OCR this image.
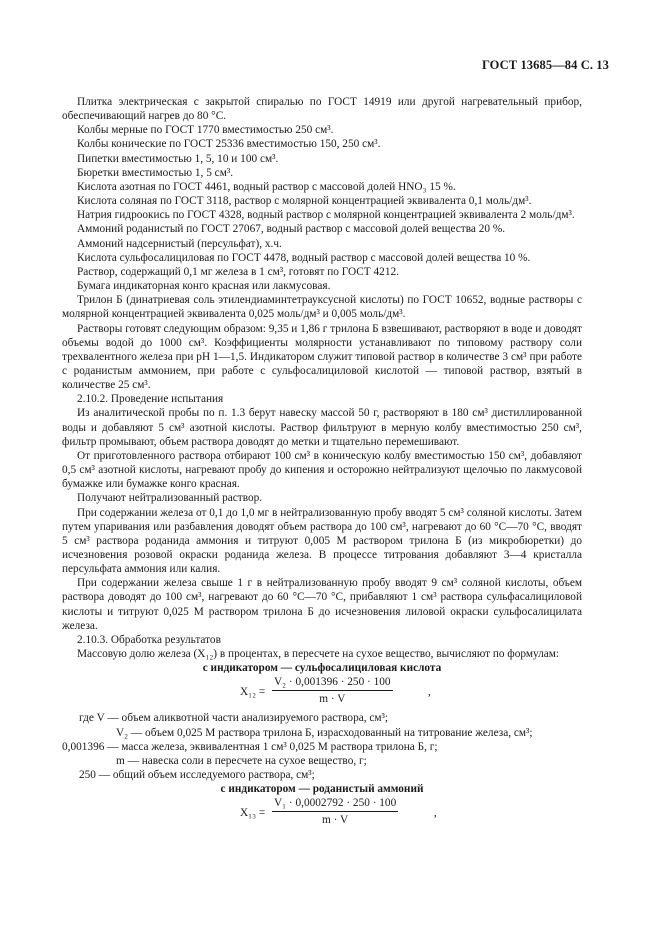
ГОСТ 13685—84 С. 13

Плитка электрическая с закрытой спиралью по ГОСТ 14919 или другой нагревательный прибор, обеспечивающий нагрев до 80 °С.

Колбы мерные по ГОСТ 1770 вместимостью 250 см³.

Колбы конические по ГОСТ 25336 вместимостью 150, 250 см³.

Пипетки вместимостью 1, 5, 10 и 100 см³.

Бюретки вместимостью 1, 5 см³.

Кислота азотная по ГОСТ 4461, водный раствор с массовой долей HNO₃ 15 %.

Кислота соляная по ГОСТ 3118, раствор с молярной концентрацией эквивалента 0,1 моль/дм³.

Натрия гидроокись по ГОСТ 4328, водный раствор с молярной концентрацией эквивалента 2 моль/дм³.

Аммоний роданистый по ГОСТ 27067, водный раствор с массовой долей вещества 20 %.

Аммоний надсернистый (персульфат), х.ч.

Кислота сульфосалициловая по ГОСТ 4478, водный раствор с массовой долей вещества 10 %.

Раствор, содержащий 0,1 мг железа в 1 см³, готовят по ГОСТ 4212.

Бумага индикаторная конго красная или лакмусовая.

Трилон Б (динатриевая соль этилендиаминтетрауксусной кислоты) по ГОСТ 10652, водные растворы с молярной концентрацией эквивалента 0,025 моль/дм³ и 0,005 моль/дм³.

Растворы готовят следующим образом: 9,35 и 1,86 г трилона Б взвешивают, растворяют в воде и доводят объемы водой до 1000 см³. Коэффициенты молярности устанавливают по типовому раствору соли трехвалентного железа при pH 1—1,5. Индикатором служит типовой раствор в количестве 3 см³ при работе с роданистым аммонием, при работе с сульфосалициловой кислотой — типовой раствор, взятый в количестве 25 см³.

2.10.2. Проведение испытания

Из аналитической пробы по п. 1.3 берут навеску массой 50 г, растворяют в 180 см³ дистиллированной воды и добавляют 5 см³ азотной кислоты. Раствор фильтруют в мерную колбу вместимостью 250 см³, фильтр промывают, объем раствора доводят до метки и тщательно перемешивают.

От приготовленного раствора отбирают 100 см³ в коническую колбу вместимостью 150 см³, добавляют 0,5 см³ азотной кислоты, нагревают пробу до кипения и осторожно нейтрализуют щелочью по лакмусовой бумажке или бумажке конго красная.

Получают нейтрализованный раствор.

При содержании железа от 0,1 до 1,0 мг в нейтрализованную пробу вводят 5 см³ соляной кислоты. Затем путем упаривания или разбавления доводят объем раствора до 100 см³, нагревают до 60 °С—70 °С, вводят 5 см³ раствора роданида аммония и титруют 0,005 М раствором трилона Б (из микробюретки) до исчезновения розовой окраски роданида железа. В процессе титрования добавляют 3—4 кристалла персульфата аммония или калия.

При содержании железа свыше 1 г в нейтрализованную пробу вводят 9 см³ соляной кислоты, объем раствора доводят до 100 см³, нагревают до 60 °С—70 °С, прибавляют 1 см³ раствора сульфасалициловой кислоты и титруют 0,025 М раствором трилона Б до исчезновения лиловой окраски сульфосалицилата железа.

2.10.3. Обработка результатов

Массовую долю железа (X₁₂) в процентах, в пересчете на сухое вещество, вычисляют по формулам:

с индикатором — сульфосалициловая кислота

$X_{12} = \frac{\text{V₂ · 0,001396 · 250 · 100}}{m \cdot V}$	,

где V — объем аликвотной части анализируемого раствора, см³;

V₂ — объем 0,025 М раствора трилона Б, израсходованный на титрование железа, см³;

0,001396 — масса железа, эквивалентная 1 см³ 0,025 М раствора трилона Б, г;

m — навеска соли в пересчете на сухое вещество, г;

250 — общий объем исследуемого раствора, см³;

с индикатором — роданистый аммоний

$X_{13} = \frac{\text{V₁ · 0,0002792 · 250 · 100}}{m \cdot V}$	,
